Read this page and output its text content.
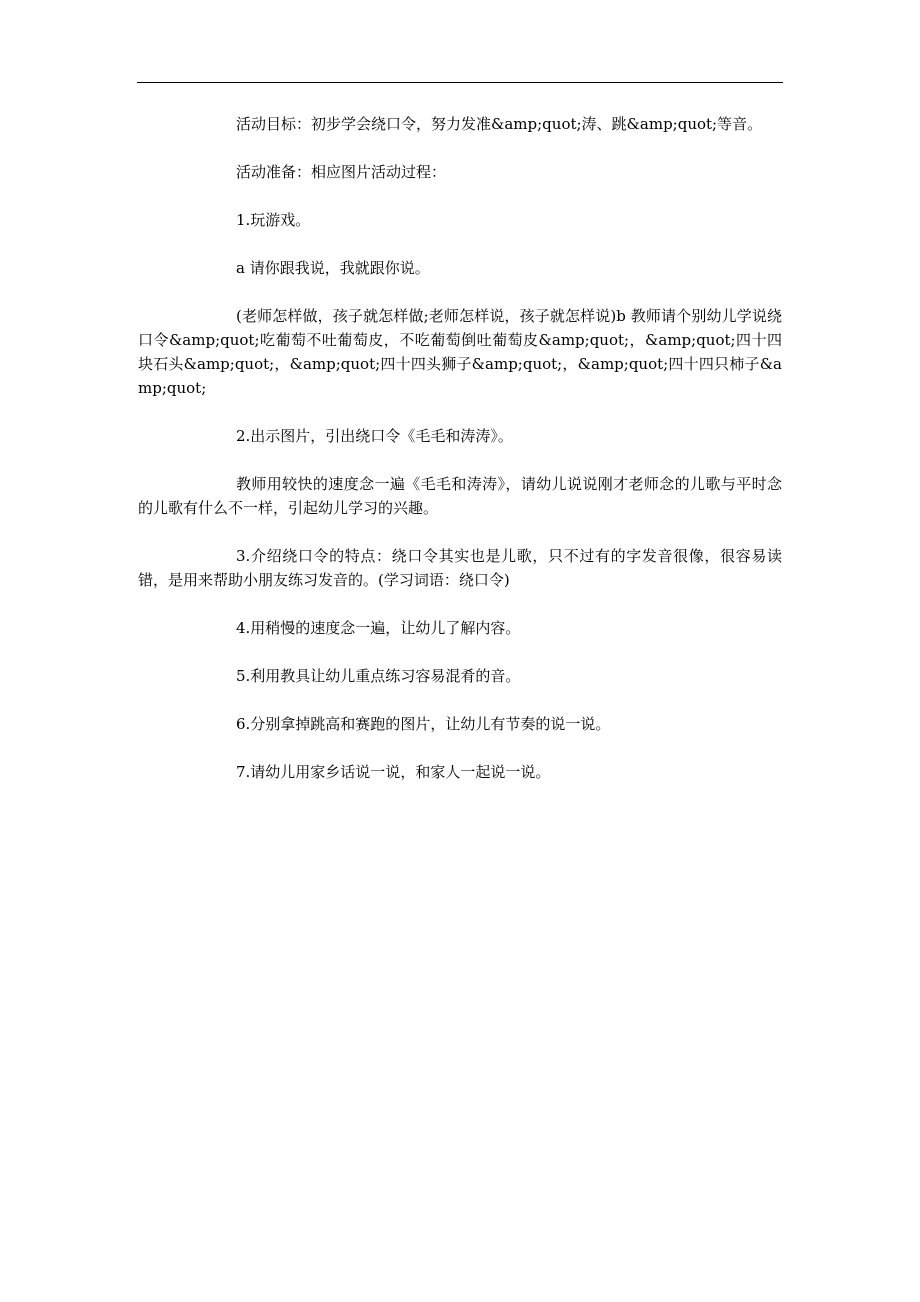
活动目标：初步学会绕口令，努力发准&amp;quot;涛、跳&amp;quot;等音。

活动准备：相应图片活动过程：

1.玩游戏。

a 请你跟我说，我就跟你说。

(老师怎样做，孩子就怎样做;老师怎样说，孩子就怎样说)b 教师请个别幼儿学说绕口令&amp;quot;吃葡萄不吐葡萄皮，不吃葡萄倒吐葡萄皮&amp;quot;，&amp;quot;四十四块石头&amp;quot;，&amp;quot;四十四头狮子&amp;quot;，&amp;quot;四十四只柿子&amp;quot;

2.出示图片，引出绕口令《毛毛和涛涛》。

教师用较快的速度念一遍《毛毛和涛涛》，请幼儿说说刚才老师念的儿歌与平时念的儿歌有什么不一样，引起幼儿学习的兴趣。

3.介绍绕口令的特点：绕口令其实也是儿歌，只不过有的字发音很像，很容易读错，是用来帮助小朋友练习发音的。(学习词语：绕口令)

4.用稍慢的速度念一遍，让幼儿了解内容。

5.利用教具让幼儿重点练习容易混肴的音。

6.分别拿掉跳高和赛跑的图片，让幼儿有节奏的说一说。

7.请幼儿用家乡话说一说，和家人一起说一说。
